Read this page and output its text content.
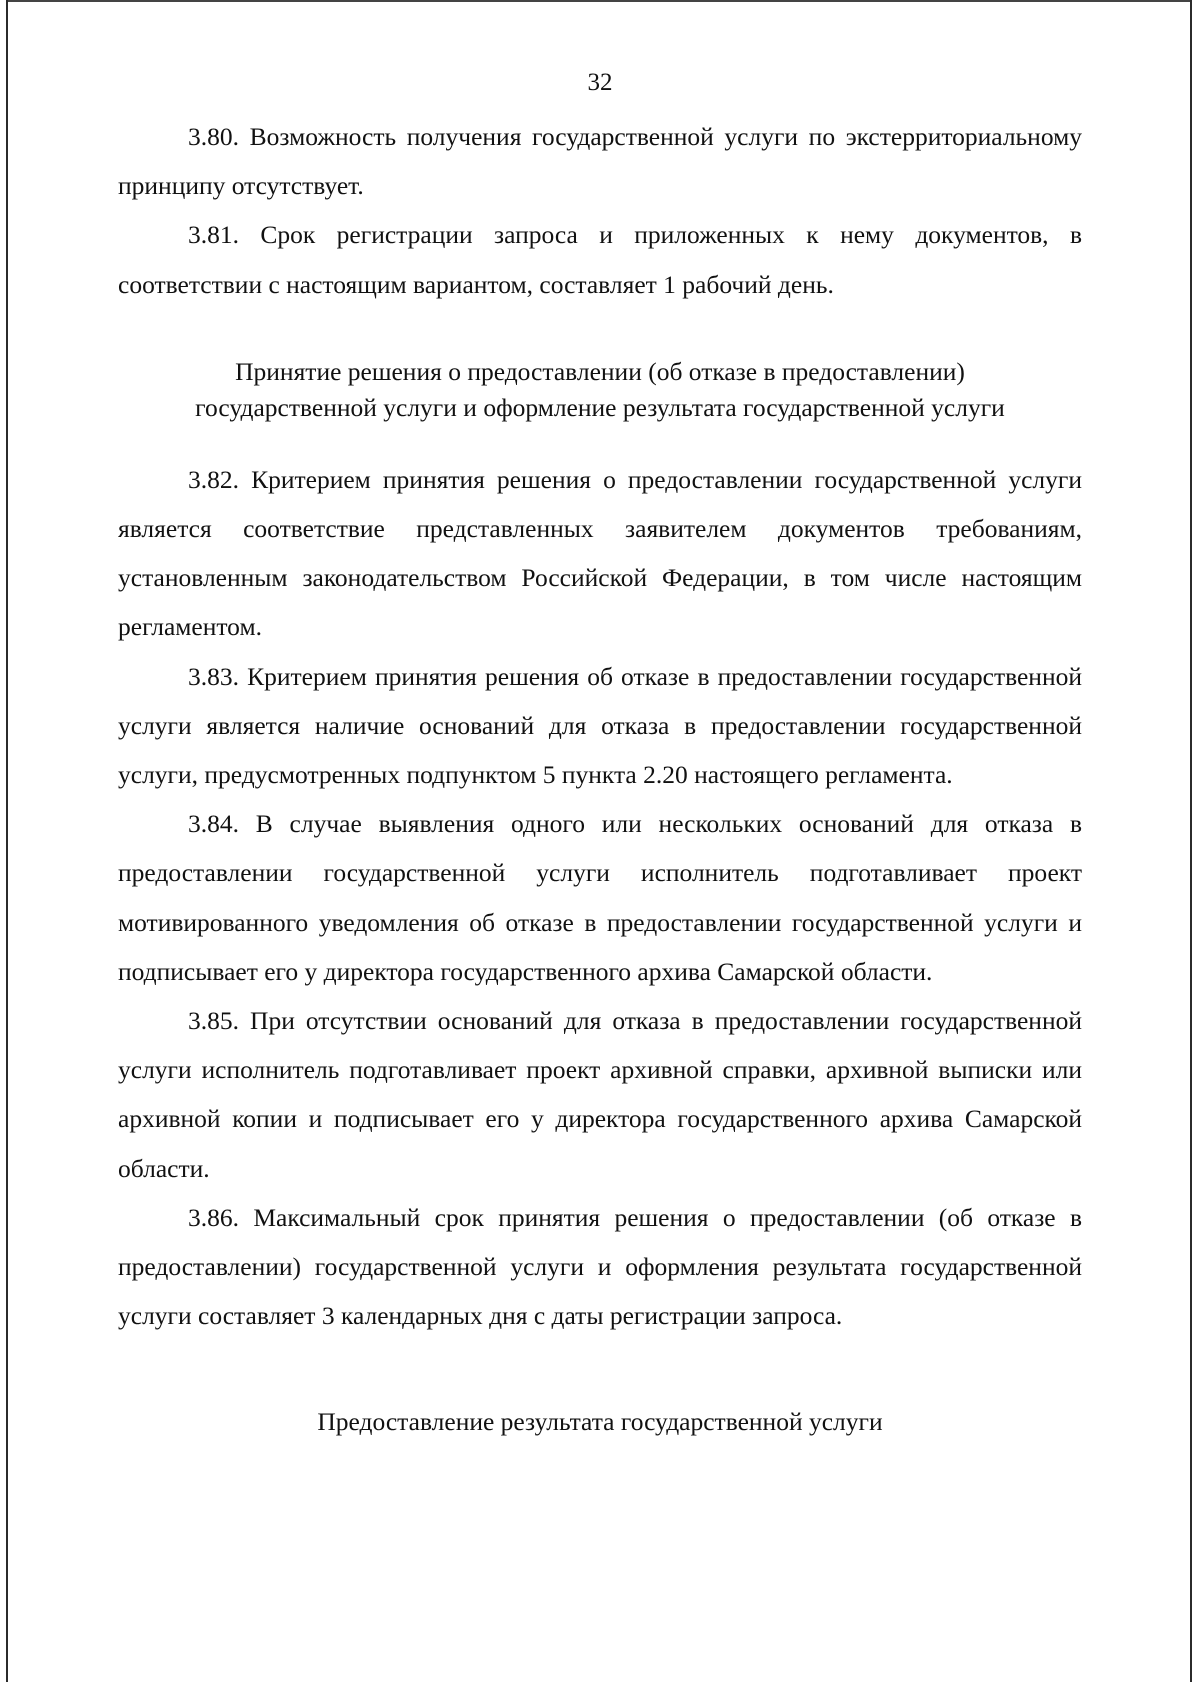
32

3.80. Возможность получения государственной услуги по экстерриториальному принципу отсутствует.

3.81. Срок регистрации запроса и приложенных к нему документов, в соответствии с настоящим вариантом, составляет 1 рабочий день.

Принятие решения о предоставлении (об отказе в предоставлении)
государственной услуги и оформление результата государственной услуги

3.82. Критерием принятия решения о предоставлении государственной услуги является соответствие представленных заявителем документов требованиям, установленным законодательством Российской Федерации, в том числе настоящим регламентом.

3.83. Критерием принятия решения об отказе в предоставлении государственной услуги является наличие оснований для отказа в предоставлении государственной услуги, предусмотренных подпунктом 5 пункта 2.20 настоящего регламента.

3.84. В случае выявления одного или нескольких оснований для отказа в предоставлении государственной услуги исполнитель подготавливает проект мотивированного уведомления об отказе в предоставлении государственной услуги и подписывает его у директора государственного архива Самарской области.

3.85. При отсутствии оснований для отказа в предоставлении государственной услуги исполнитель подготавливает проект архивной справки, архивной выписки или архивной копии и подписывает его у директора государственного архива Самарской области.

3.86. Максимальный срок принятия решения о предоставлении (об отказе в предоставлении) государственной услуги и оформления результата государственной услуги составляет 3 календарных дня с даты регистрации запроса.

Предоставление результата государственной услуги
